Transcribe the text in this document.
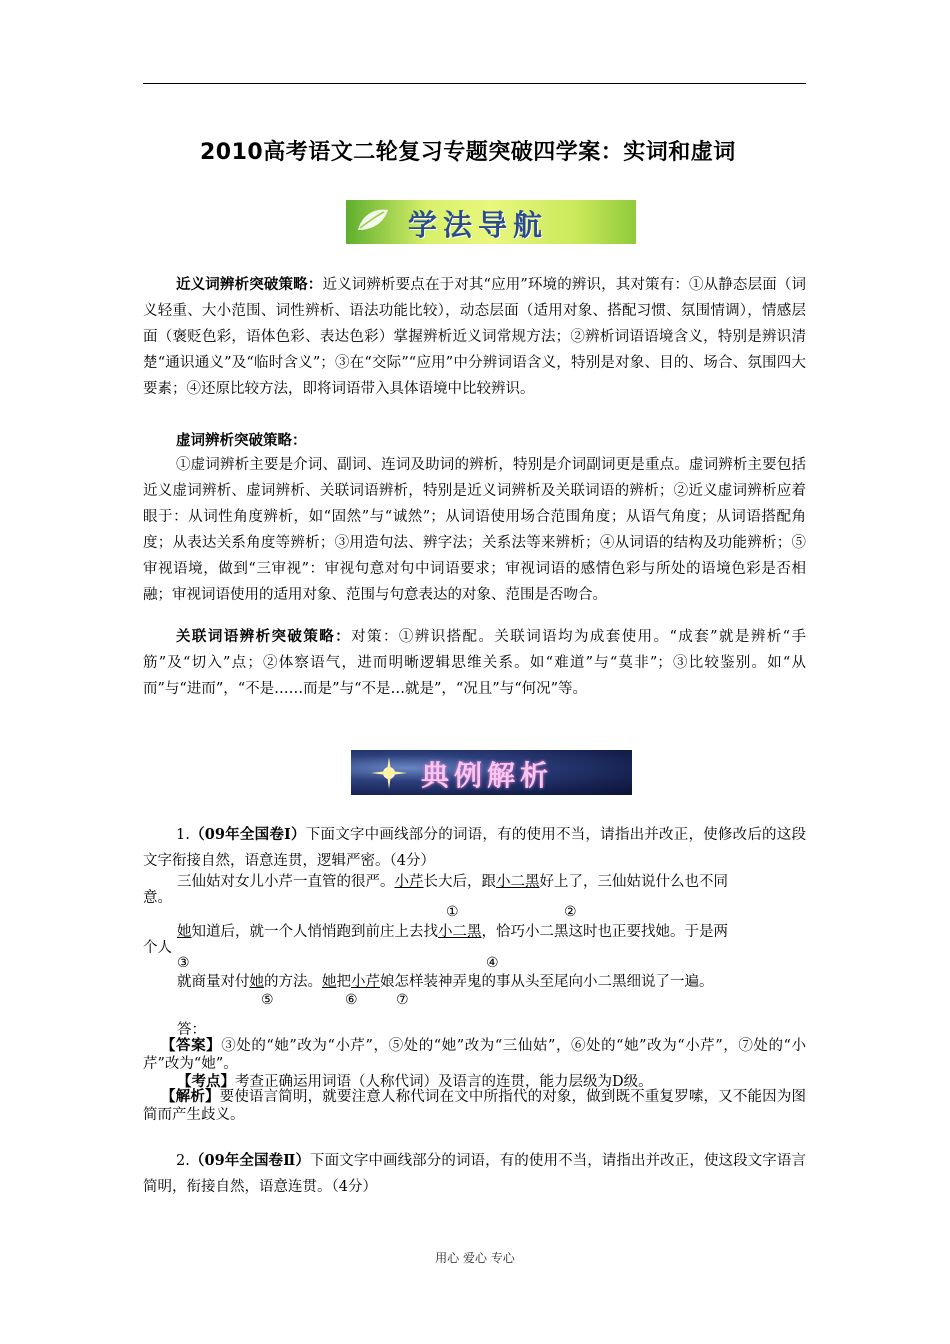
2010高考语文二轮复习专题突破四学案：实词和虚词
学法导航
近义词辨析突破策略：近义词辨析要点在于对其“应用”环境的辨识，其对策有：①从静态层面（词义轻重、大小范围、词性辨析、语法功能比较），动态层面（适用对象、搭配习惯、氛围情调），情感层面（褒贬色彩，语体色彩、表达色彩）掌握辨析近义词常规方法；②辨析词语语境含义，特别是辨识清楚“通识通义”及“临时含义”；③在“交际”“应用”中分辨词语含义，特别是对象、目的、场合、氛围四大要素；④还原比较方法，即将词语带入具体语境中比较辨识。
虚词辨析突破策略：
①虚词辨析主要是介词、副词、连词及助词的辨析，特别是介词副词更是重点。虚词辨析主要包括近义虚词辨析、虚词辨析、关联词语辨析，特别是近义词辨析及关联词语的辨析；②近义虚词辨析应着眼于：从词性角度辨析，如“固然”与“诚然”；从词语使用场合范围角度；从语气角度；从词语搭配角度；从表达关系角度等辨析；③用造句法、辨字法；关系法等来辨析；④从词语的结构及功能辨析；⑤审视语境，做到“三审视”：审视句意对句中词语要求；审视词语的感情色彩与所处的语境色彩是否相融；审视词语使用的适用对象、范围与句意表达的对象、范围是否吻合。
关联词语辨析突破策略：对策：①辨识搭配。关联词语均为成套使用。“成套”就是辨析“手筋”及“切入”点；②体察语气，进而明晰逻辑思维关系。如“难道”与“莫非”；③比较鉴别。如“从而”与“进而”，“不是……而是”与“不是…就是”，“况且”与“何况”等。
典例解析
1.（09年全国卷Ⅰ）下面文字中画线部分的词语，有的使用不当，请指出并改正，使修改后的这段文字衔接自然，语意连贯，逻辑严密。（4分）
三仙姑对女儿小芹一直管的很严。小芹长大后，跟小二黑好上了，三仙姑说什么也不同
意。
①	②
她知道后，就一个人悄悄跑到前庄上去找小二黑，恰巧小二黑这时也正要找她。于是两
个人
③	④
就商量对付她的方法。她把小芹娘怎样装神弄鬼的事从头至尾向小二黑细说了一遍。
⑤	⑥	⑦
答：
【答案】③处的“她”改为“小芹”，⑤处的“她”改为“三仙姑”，⑥处的“她”改为“小芹”，⑦处的“小芹”改为“她”。
【考点】考查正确运用词语（人称代词）及语言的连贯，能力层级为D级。
【解析】要使语言简明，就要注意人称代词在文中所指代的对象，做到既不重复罗嗦，又不能因为图简而产生歧义。
2.（09年全国卷Ⅱ）下面文字中画线部分的词语，有的使用不当，请指出并改正，使这段文字语言简明，衔接自然，语意连贯。（4分）
用心 爱心 专心
